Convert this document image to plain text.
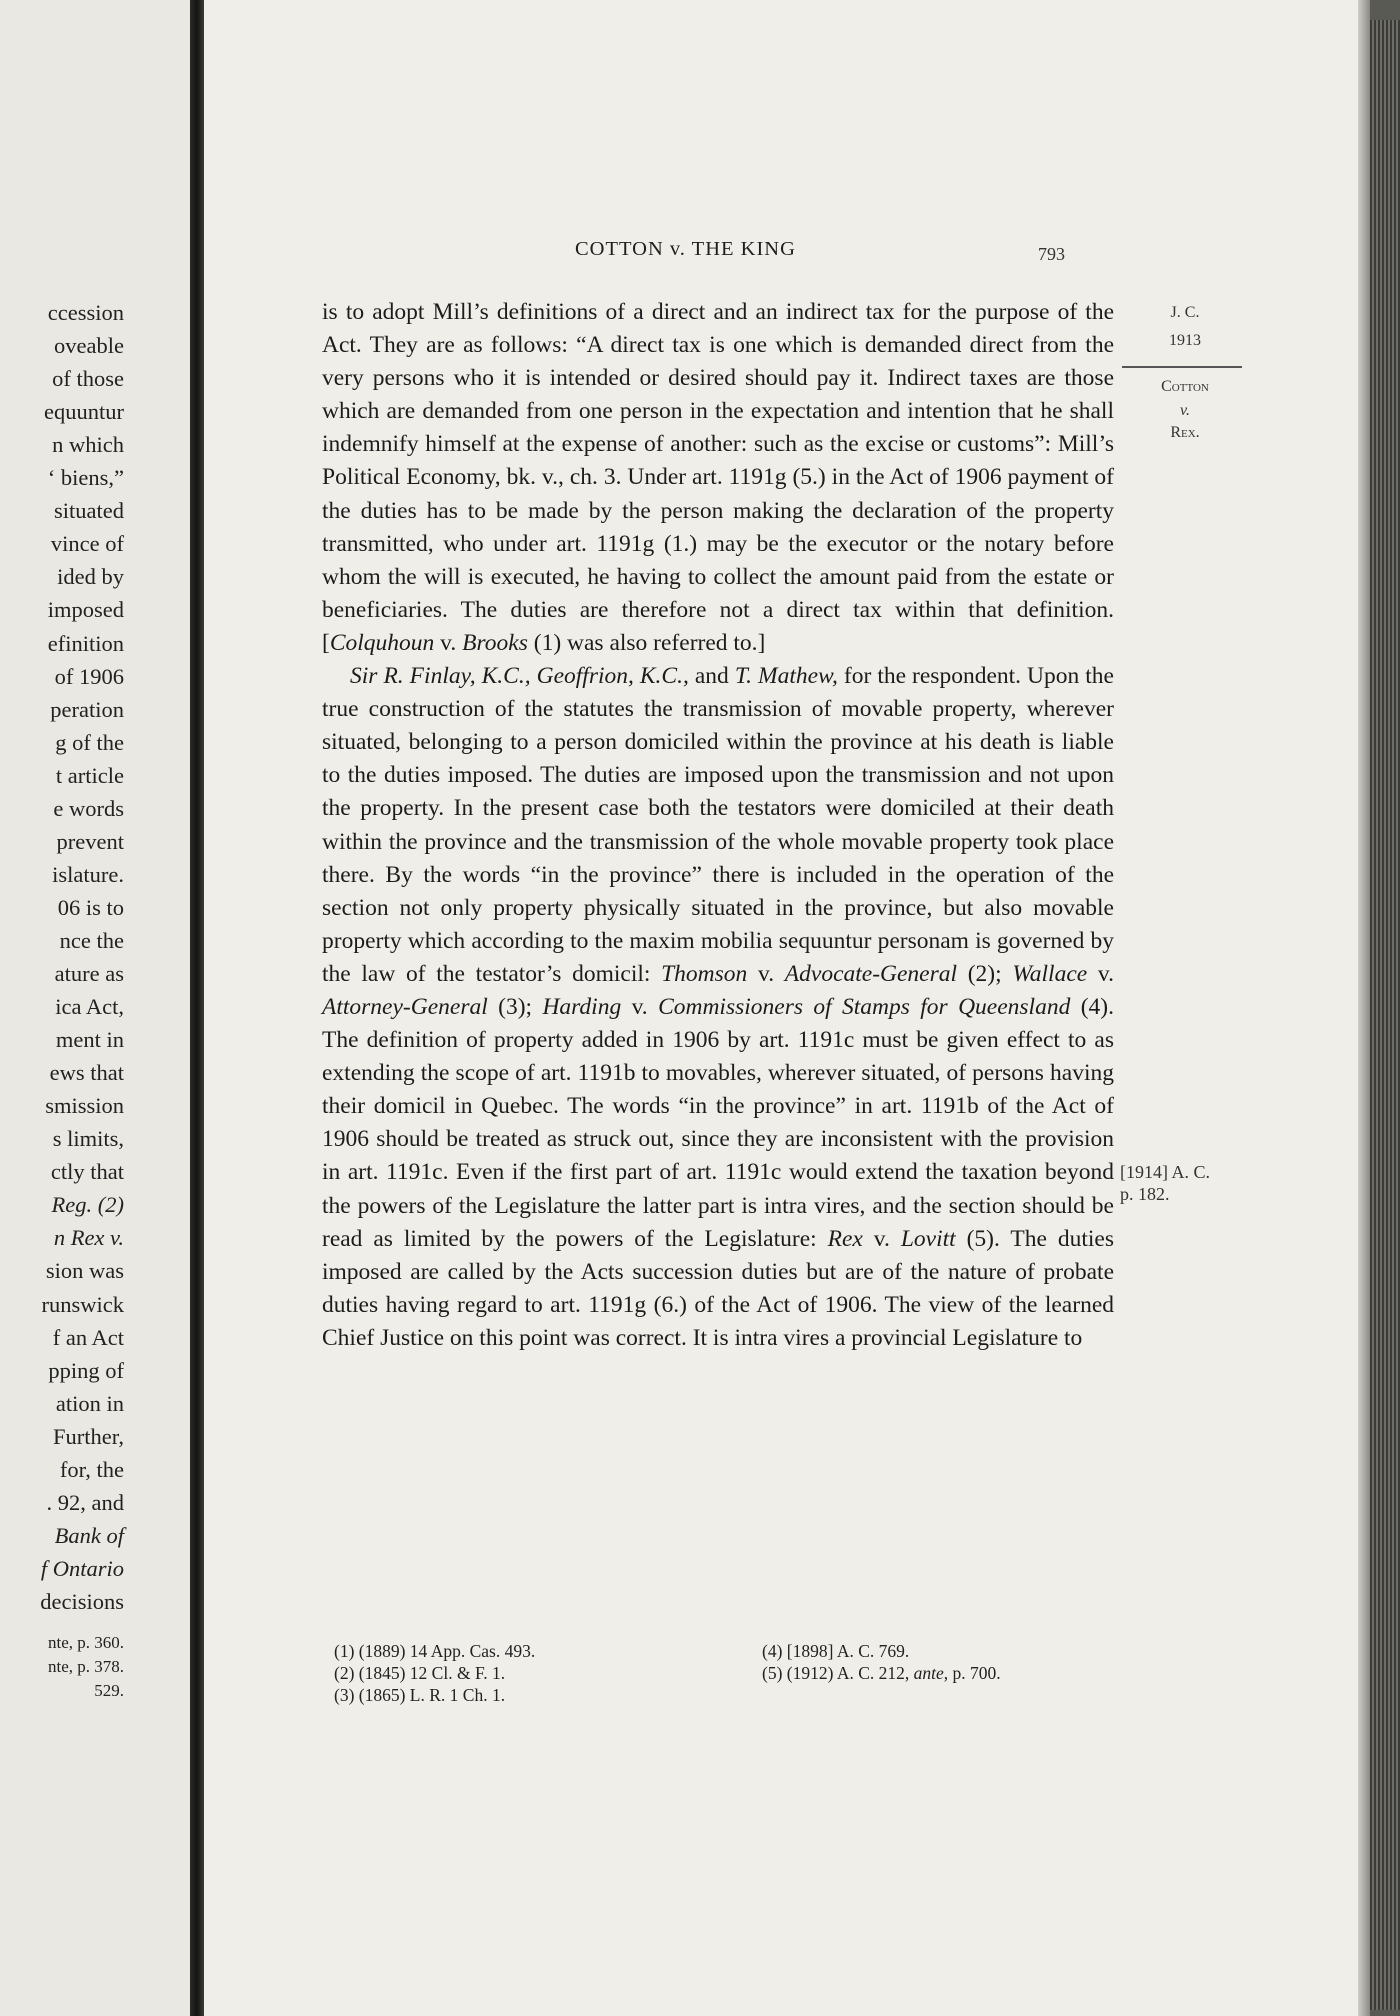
ccession
oveable
of those
equuntur
n which
‘ biens,”
situated
vince of
ided by
imposed
efinition
of 1906
peration
g of the
t article
e words
prevent
islature.
06 is to
nce the
ature as
ica Act,
ment in
ews that
smission
s limits,
ctly that
Reg. (2)
n Rex v.
sion was
runswick
f an Act
pping of
ation in
Further,
for, the
. 92, and
Bank of
f Ontario
decisions
nte, p. 360.
nte, p. 378.
529.
COTTON v. THE KING	793
J. C.
1913
Cotton
v.
Rex.
[1914] A. C.
p. 182.

is to adopt Mill’s definitions of a direct and an indirect tax for the purpose of the Act. They are as follows: “A direct tax is one which is demanded direct from the very persons who it is intended or desired should pay it. Indirect taxes are those which are demanded from one person in the expectation and intention that he shall indemnify himself at the expense of another: such as the excise or customs”: Mill’s Political Economy, bk. v., ch. 3. Under art. 1191g (5.) in the Act of 1906 payment of the duties has to be made by the person making the declaration of the property transmitted, who under art. 1191g (1.) may be the executor or the notary before whom the will is executed, he having to collect the amount paid from the estate or beneficiaries. The duties are therefore not a direct tax within that definition. [Colquhoun v. Brooks (1) was also referred to.]

Sir R. Finlay, K.C., Geoffrion, K.C., and T. Mathew, for the respondent. Upon the true construction of the statutes the transmission of movable property, wherever situated, belonging to a person domiciled within the province at his death is liable to the duties imposed. The duties are imposed upon the transmission and not upon the property. In the present case both the testators were domiciled at their death within the province and the transmission of the whole movable property took place there. By the words “in the province” there is included in the operation of the section not only property physically situated in the province, but also movable property which according to the maxim mobilia sequuntur personam is governed by the law of the testator’s domicil: Thomson v. Advocate-General (2); Wallace v. Attorney-General (3); Harding v. Commissioners of Stamps for Queensland (4). The definition of property added in 1906 by art. 1191c must be given effect to as extending the scope of art. 1191b to movables, wherever situated, of persons having their domicil in Quebec. The words “in the province” in art. 1191b of the Act of 1906 should be treated as struck out, since they are inconsistent with the provision in art. 1191c. Even if the first part of art. 1191c would extend the taxation beyond the powers of the Legislature the latter part is intra vires, and the section should be read as limited by the powers of the Legislature: Rex v. Lovitt (5). The duties imposed are called by the Acts succession duties but are of the nature of probate duties having regard to art. 1191g (6.) of the Act of 1906. The view of the learned Chief Justice on this point was correct. It is intra vires a provincial Legislature to

(1) (1889) 14 App. Cas. 493.
(2) (1845) 12 Cl. & F. 1.
(3) (1865) L. R. 1 Ch. 1.
(4) [1898] A. C. 769.
(5) (1912) A. C. 212, ante, p. 700.
